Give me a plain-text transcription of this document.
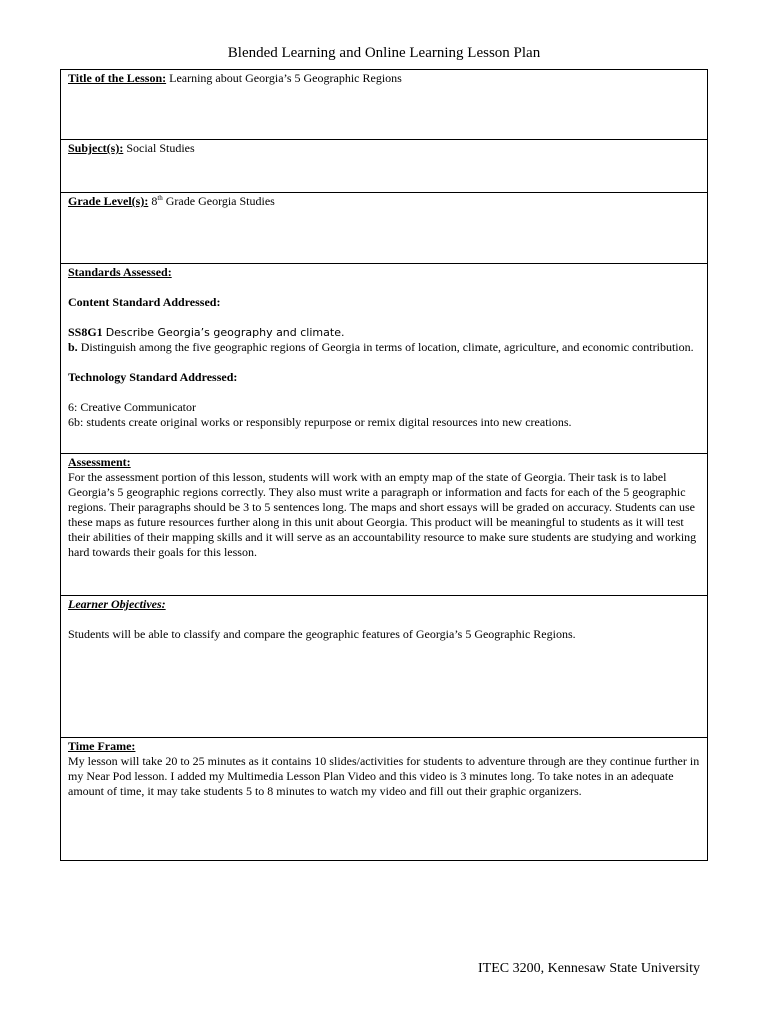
Blended Learning and Online Learning Lesson Plan
Title of the Lesson: Learning about Georgia’s 5 Geographic Regions
Subject(s): Social Studies
Grade Level(s): 8th Grade Georgia Studies

Standards Assessed:
Content Standard Addressed:
SS8G1 Describe Georgia’s geography and climate.
b. Distinguish among the five geographic regions of Georgia in terms of location, climate, agriculture, and economic contribution.
Technology Standard Addressed:
6: Creative Communicator
6b: students create original works or responsibly repurpose or remix digital resources into new creations.

Assessment:
For the assessment portion of this lesson, students will work with an empty map of the state of Georgia. Their task is to label Georgia’s 5 geographic regions correctly. They also must write a paragraph or information and facts for each of the 5 geographic regions. Their paragraphs should be 3 to 5 sentences long. The maps and short essays will be graded on accuracy. Students can use these maps as future resources further along in this unit about Georgia. This product will be meaningful to students as it will test their abilities of their mapping skills and it will serve as an accountability resource to make sure students are studying and working hard towards their goals for this lesson.

Learner Objectives:
Students will be able to classify and compare the geographic features of Georgia’s 5 Geographic Regions.

Time Frame:
My lesson will take 20 to 25 minutes as it contains 10 slides/activities for students to adventure through are they continue further in my Near Pod lesson. I added my Multimedia Lesson Plan Video and this video is 3 minutes long. To take notes in an adequate amount of time, it may take students 5 to 8 minutes to watch my video and fill out their graphic organizers.
ITEC 3200, Kennesaw State University
